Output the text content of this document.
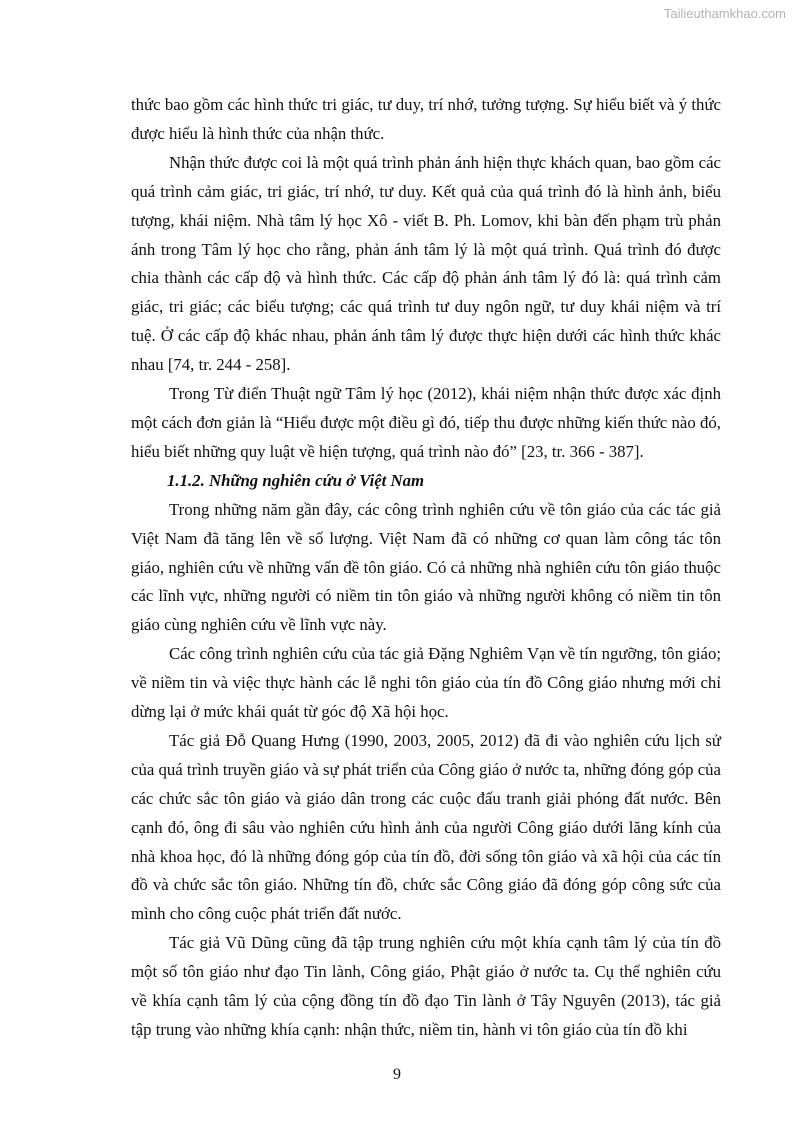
Tailieuthamkhao.com

thức bao gồm các hình thức tri giác, tư duy, trí nhớ, tưởng tượng. Sự hiểu biết và ý thức được hiểu là hình thức của nhận thức.

Nhận thức được coi là một quá trình phản ánh hiện thực khách quan, bao gồm các quá trình cảm giác, tri giác, trí nhớ, tư duy. Kết quả của quá trình đó là hình ảnh, biểu tượng, khái niệm. Nhà tâm lý học Xô - viết B. Ph. Lomov, khi bàn đến phạm trù phản ánh trong Tâm lý học cho rằng, phản ánh tâm lý là một quá trình. Quá trình đó được chia thành các cấp độ và hình thức. Các cấp độ phản ánh tâm lý đó là: quá trình cảm giác, tri giác; các biểu tượng; các quá trình tư duy ngôn ngữ, tư duy khái niệm và trí tuệ. Ở các cấp độ khác nhau, phản ánh tâm lý được thực hiện dưới các hình thức khác nhau [74, tr. 244 - 258].

Trong Từ điển Thuật ngữ Tâm lý học (2012), khái niệm nhận thức được xác định một cách đơn giản là “Hiểu được một điều gì đó, tiếp thu được những kiến thức nào đó, hiểu biết những quy luật về hiện tượng, quá trình nào đó” [23, tr. 366 - 387].

1.1.2. Những nghiên cứu ở Việt Nam

Trong những năm gần đây, các công trình nghiên cứu về tôn giáo của các tác giả Việt Nam đã tăng lên về số lượng. Việt Nam đã có những cơ quan làm công tác tôn giáo, nghiên cứu về những vấn đề tôn giáo. Có cả những nhà nghiên cứu tôn giáo thuộc các lĩnh vực, những người có niềm tin tôn giáo và những người không có niềm tin tôn giáo cùng nghiên cứu về lĩnh vực này.

Các công trình nghiên cứu của tác giả Đặng Nghiêm Vạn về tín ngưỡng, tôn giáo; về niềm tin và việc thực hành các lễ nghi tôn giáo của tín đồ Công giáo nhưng mới chỉ dừng lại ở mức khái quát từ góc độ Xã hội học.

Tác giả Đỗ Quang Hưng (1990, 2003, 2005, 2012) đã đi vào nghiên cứu lịch sử của quá trình truyền giáo và sự phát triển của Công giáo ở nước ta, những đóng góp của các chức sắc tôn giáo và giáo dân trong các cuộc đấu tranh giải phóng đất nước. Bên cạnh đó, ông đi sâu vào nghiên cứu hình ảnh của người Công giáo dưới lăng kính của nhà khoa học, đó là những đóng góp của tín đồ, đời sống tôn giáo và xã hội của các tín đồ và chức sắc tôn giáo. Những tín đồ, chức sắc Công giáo đã đóng góp công sức của mình cho công cuộc phát triển đất nước.

Tác giả Vũ Dũng cũng đã tập trung nghiên cứu một khía cạnh tâm lý của tín đồ một số tôn giáo như đạo Tin lành, Công giáo, Phật giáo ở nước ta. Cụ thể nghiên cứu về khía cạnh tâm lý của cộng đồng tín đồ đạo Tin lành ở Tây Nguyên (2013), tác giả tập trung vào những khía cạnh: nhận thức, niềm tin, hành vi tôn giáo của tín đồ khi

9
